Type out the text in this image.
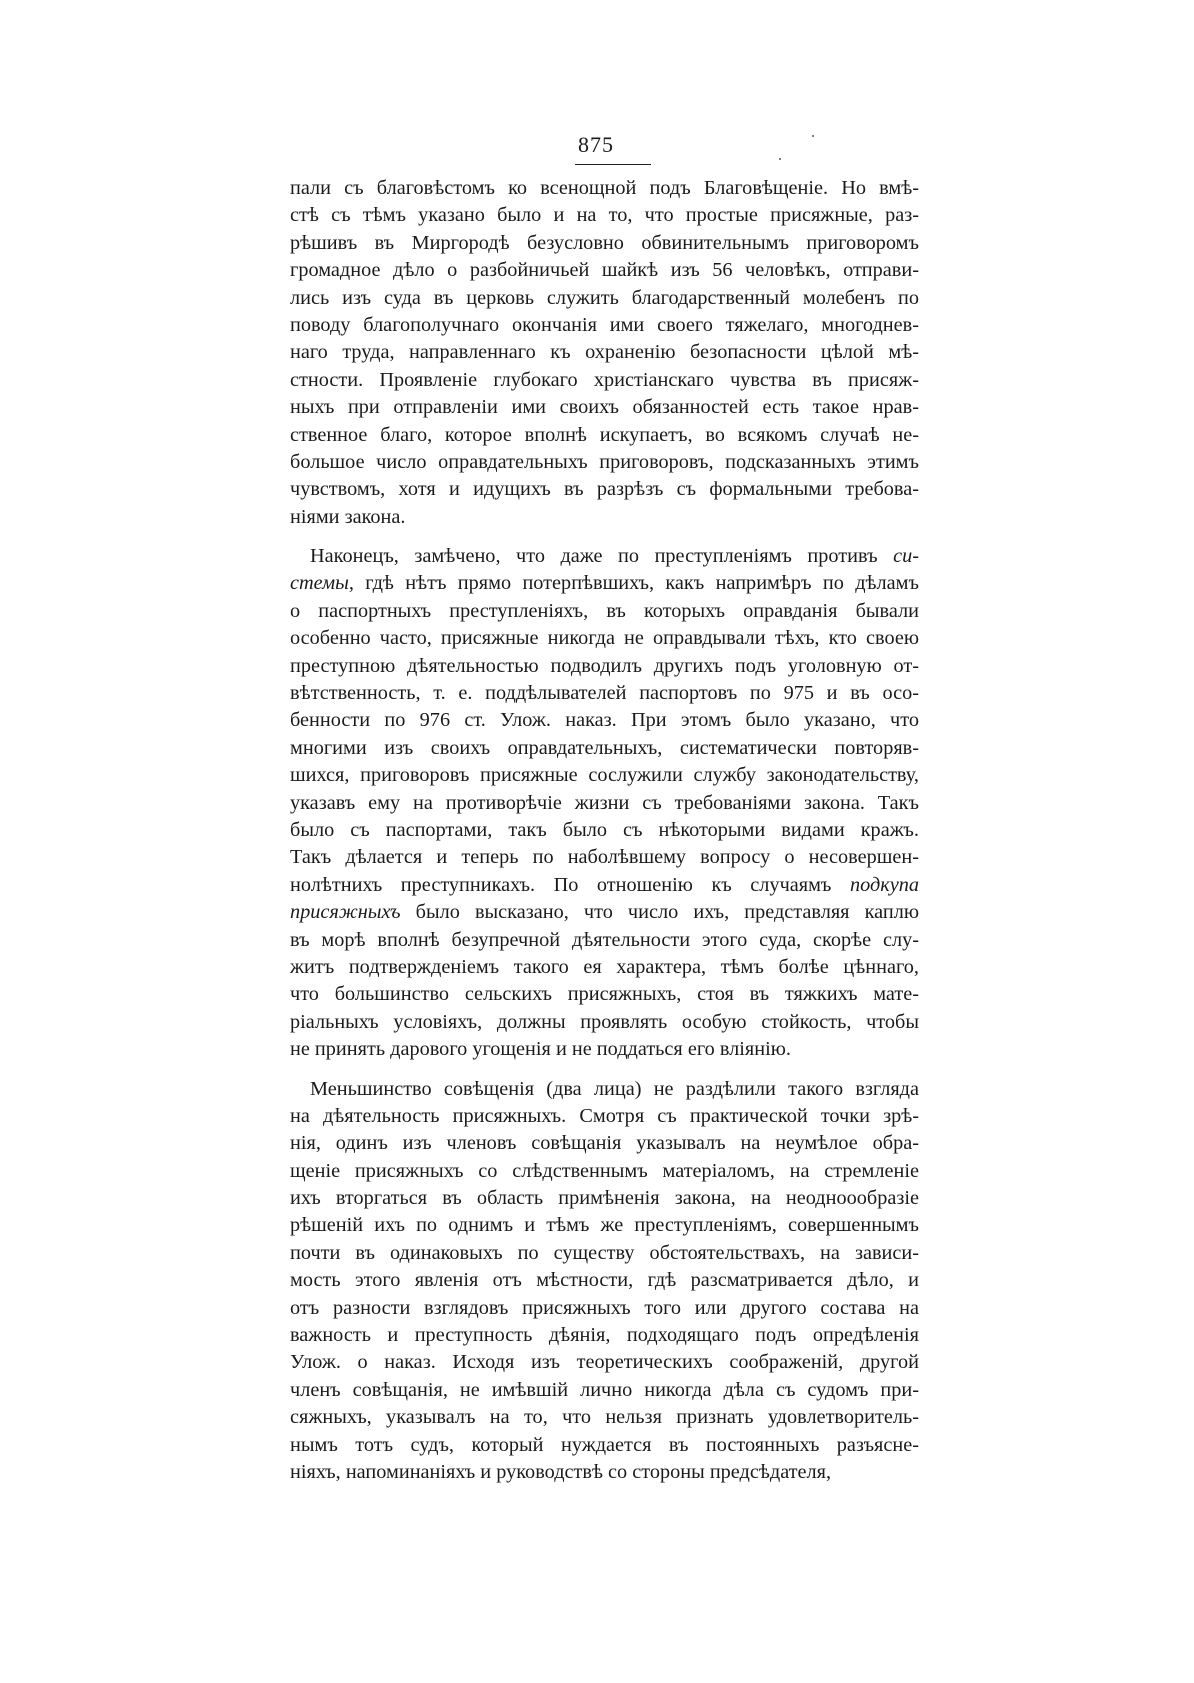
875
пали съ благовѣстомъ ко всенощной подъ Благовѣщеніе. Но вмѣ-
стѣ съ тѣмъ указано было и на то, что простые присяжные, раз-
рѣшивъ въ Миргородѣ безусловно обвинительнымъ приговоромъ
громадное дѣло о разбойничьей шайкѣ изъ 56 человѣкъ, отправи-
лись изъ суда въ церковь служить благодарственный молебенъ по
поводу благополучнаго окончанія ими своего тяжелаго, многоднев-
наго труда, направленнаго къ охраненію безопасности цѣлой мѣ-
стности. Проявленіе глубокаго христіанскаго чувства въ присяж-
ныхъ при отправленіи ими своихъ обязанностей есть такое нрав-
ственное благо, которое вполнѣ искупаетъ, во всякомъ случаѣ не-
большое число оправдательныхъ приговоровъ, подсказанныхъ этимъ
чувствомъ, хотя и идущихъ въ разрѣзъ съ формальными требова-
ніями закона.
Наконецъ, замѣчено, что даже по преступленіямъ противъ си-
стемы, гдѣ нѣтъ прямо потерпѣвшихъ, какъ напримѣръ по дѣламъ
о паспортныхъ преступленіяхъ, въ которыхъ оправданія бывали
особенно часто, присяжные никогда не оправдывали тѣхъ, кто своею
преступною дѣятельностью подводилъ другихъ подъ уголовную от-
вѣтственность, т. е. поддѣлывателей паспортовъ по 975 и въ осо-
бенности по 976 ст. Улож. наказ. При этомъ было указано, что
многими изъ своихъ оправдательныхъ, систематически повторяв-
шихся, приговоровъ присяжные сослужили службу законодательству,
указавъ ему на противорѣчіе жизни съ требованіями закона. Такъ
было съ паспортами, такъ было съ нѣкоторыми видами кражъ.
Такъ дѣлается и теперь по наболѣвшему вопросу о несовершен-
нолѣтнихъ преступникахъ. По отношенію къ случаямъ подкупа
присяжныхъ было высказано, что число ихъ, представляя каплю
въ морѣ вполнѣ безупречной дѣятельности этого суда, скорѣе слу-
житъ подтвержденіемъ такого ея характера, тѣмъ болѣе цѣннаго,
что большинство сельскихъ присяжныхъ, стоя въ тяжкихъ мате-
ріальныхъ условіяхъ, должны проявлять особую стойкость, чтобы
не принять дарового угощенія и не поддаться его вліянію.
Меньшинство совѣщенія (два лица) не раздѣлили такого взгляда
на дѣятельность присяжныхъ. Смотря съ практической точки зрѣ-
нія, одинъ изъ членовъ совѣщанія указывалъ на неумѣлое обра-
щеніе присяжныхъ со слѣдственнымъ матеріаломъ, на стремленіе
ихъ вторгаться въ область примѣненія закона, на неодноообразіе
рѣшеній ихъ по однимъ и тѣмъ же преступленіямъ, совершеннымъ
почти въ одинаковыхъ по существу обстоятельствахъ, на зависи-
мость этого явленія отъ мѣстности, гдѣ разсматривается дѣло, и
отъ разности взглядовъ присяжныхъ того или другого состава на
важность и преступность дѣянія, подходящаго подъ опредѣленія
Улож. о наказ. Исходя изъ теоретическихъ соображеній, другой
членъ совѣщанія, не имѣвшій лично никогда дѣла съ судомъ при-
сяжныхъ, указывалъ на то, что нельзя признать удовлетворитель-
нымъ тотъ судъ, который нуждается въ постоянныхъ разъясне-
ніяхъ, напоминаніяхъ и руководствѣ со стороны предсѣдателя,
